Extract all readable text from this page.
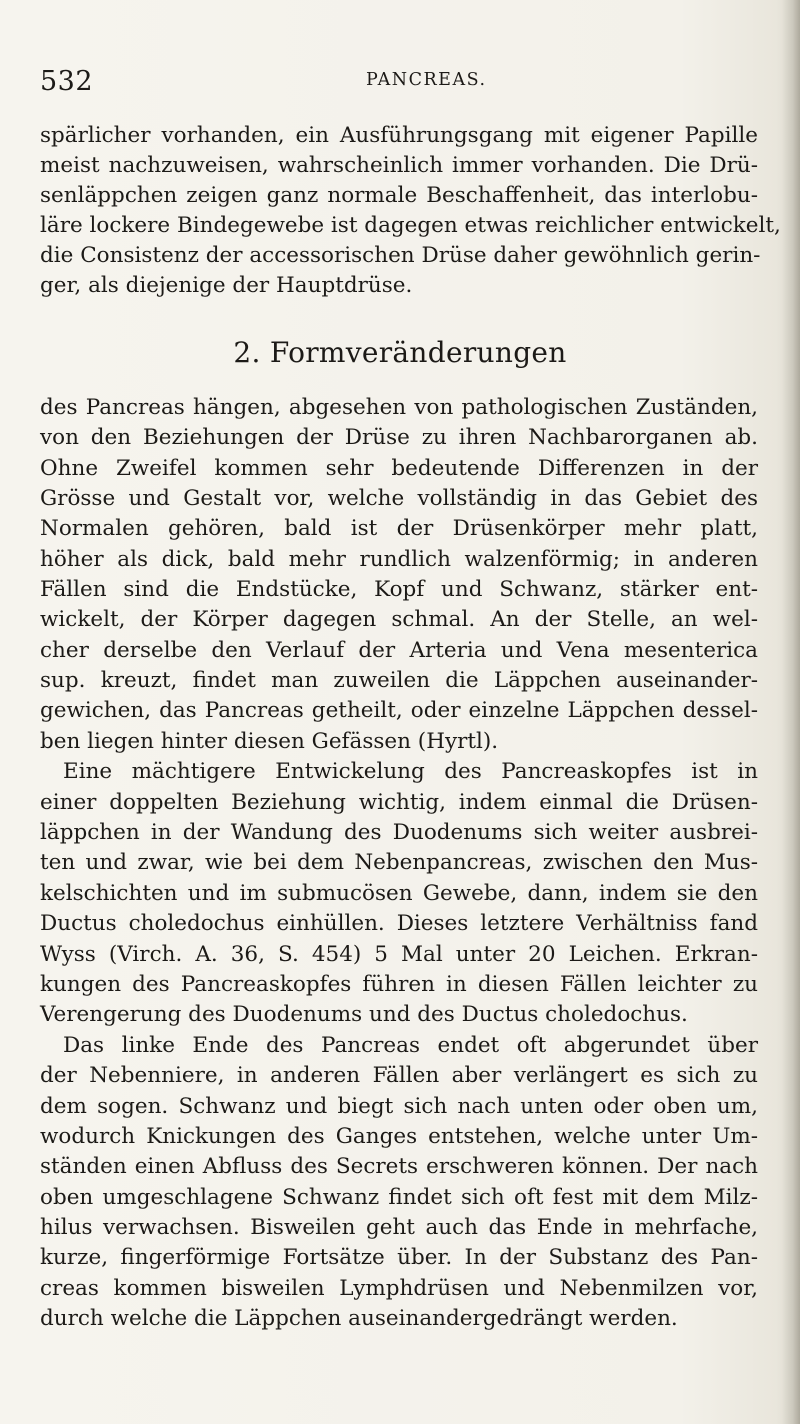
532	PANCREAS.
spärlicher vorhanden, ein Ausführungsgang mit eigener Papille
meist nachzuweisen, wahrscheinlich immer vorhanden. Die Drü-
senläppchen zeigen ganz normale Beschaffenheit, das interlobu-
läre lockere Bindegewebe ist dagegen etwas reichlicher entwickelt,
die Consistenz der accessorischen Drüse daher gewöhnlich gerin-
ger, als diejenige der Hauptdrüse.
2. Formveränderungen
des Pancreas hängen, abgesehen von pathologischen Zuständen,
von den Beziehungen der Drüse zu ihren Nachbarorganen ab.
Ohne Zweifel kommen sehr bedeutende Differenzen in der
Grösse und Gestalt vor, welche vollständig in das Gebiet des
Normalen gehören, bald ist der Drüsenkörper mehr platt,
höher als dick, bald mehr rundlich walzenförmig; in anderen
Fällen sind die Endstücke, Kopf und Schwanz, stärker ent-
wickelt, der Körper dagegen schmal. An der Stelle, an wel-
cher derselbe den Verlauf der Arteria und Vena mesenterica
sup. kreuzt, findet man zuweilen die Läppchen auseinander-
gewichen, das Pancreas getheilt, oder einzelne Läppchen dessel-
ben liegen hinter diesen Gefässen (Hyrtl).
Eine mächtigere Entwickelung des Pancreaskopfes ist in
einer doppelten Beziehung wichtig, indem einmal die Drüsen-
läppchen in der Wandung des Duodenums sich weiter ausbrei-
ten und zwar, wie bei dem Nebenpancreas, zwischen den Mus-
kelschichten und im submucösen Gewebe, dann, indem sie den
Ductus choledochus einhüllen. Dieses letztere Verhältniss fand
Wyss (Virch. A. 36, S. 454) 5 Mal unter 20 Leichen. Erkran-
kungen des Pancreaskopfes führen in diesen Fällen leichter zu
Verengerung des Duodenums und des Ductus choledochus.
Das linke Ende des Pancreas endet oft abgerundet über
der Nebenniere, in anderen Fällen aber verlängert es sich zu
dem sogen. Schwanz und biegt sich nach unten oder oben um,
wodurch Knickungen des Ganges entstehen, welche unter Um-
ständen einen Abfluss des Secrets erschweren können. Der nach
oben umgeschlagene Schwanz findet sich oft fest mit dem Milz-
hilus verwachsen. Bisweilen geht auch das Ende in mehrfache,
kurze, fingerförmige Fortsätze über. In der Substanz des Pan-
creas kommen bisweilen Lymphdrüsen und Nebenmilzen vor,
durch welche die Läppchen auseinandergedrängt werden.
